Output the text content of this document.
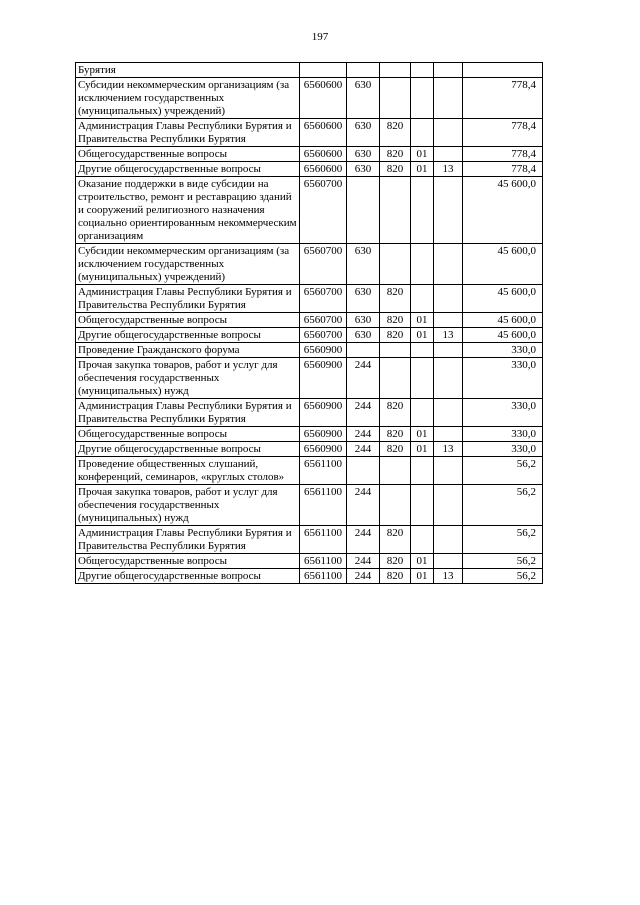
197
Бурятия						
Субсидии некоммерческим организациям (за исключением государственных (муниципальных) учреждений)	6560600	630				778,4
Администрация Главы Республики Бурятия и Правительства Республики Бурятия	6560600	630	820			778,4
Общегосударственные вопросы	6560600	630	820	01		778,4
Другие общегосударственные вопросы	6560600	630	820	01	13	778,4
Оказание поддержки в виде субсидии на строительство, ремонт и реставрацию зданий и сооружений религиозного назначения социально ориентированным некоммерческим организациям	6560700					45 600,0
Субсидии некоммерческим организациям (за исключением государственных (муниципальных) учреждений)	6560700	630				45 600,0
Администрация Главы Республики Бурятия и Правительства Республики Бурятия	6560700	630	820			45 600,0
Общегосударственные вопросы	6560700	630	820	01		45 600,0
Другие общегосударственные вопросы	6560700	630	820	01	13	45 600,0
Проведение Гражданского форума	6560900					330,0
Прочая закупка товаров, работ и услуг для обеспечения государственных (муниципальных) нужд	6560900	244				330,0
Администрация Главы Республики Бурятия и Правительства Республики Бурятия	6560900	244	820			330,0
Общегосударственные вопросы	6560900	244	820	01		330,0
Другие общегосударственные вопросы	6560900	244	820	01	13	330,0
Проведение общественных слушаний, конференций, семинаров, «круглых столов»	6561100					56,2
Прочая закупка товаров, работ и услуг для обеспечения государственных (муниципальных) нужд	6561100	244				56,2
Администрация Главы Республики Бурятия и Правительства Республики Бурятия	6561100	244	820			56,2
Общегосударственные вопросы	6561100	244	820	01		56,2
Другие общегосударственные вопросы	6561100	244	820	01	13	56,2
